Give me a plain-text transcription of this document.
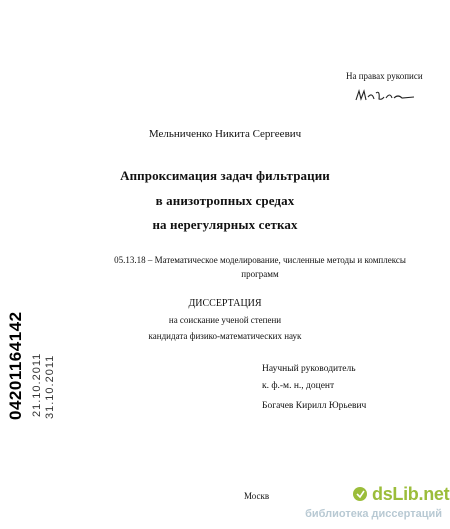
На правах рукописи
Мельниченко Никита Сергеевич
Аппроксимация задач фильтрации
в анизотропных средах
на нерегулярных сетках
05.13.18 – Математическое моделирование, численные методы и комплексы программ
ДИССЕРТАЦИЯ
на соискание ученой степени
кандидата физико-математических наук
Научный руководитель
к. ф.-м. н., доцент
Богачев Кирилл Юрьевич
Москв
04201164142 21.10.2011 31.10.2011
dsLib.net
библиотека диссертаций
